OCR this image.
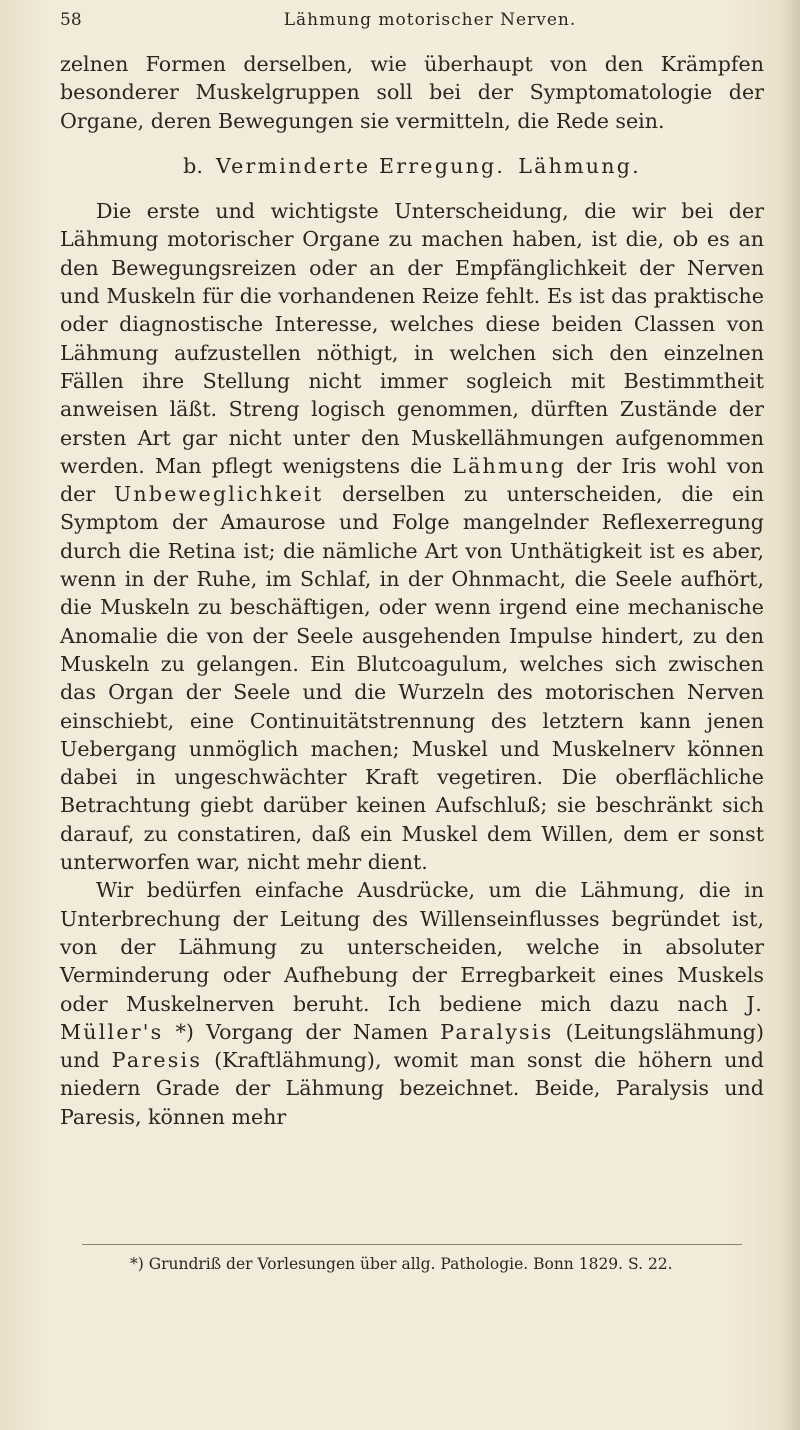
58	Lähmung motorischer Nerven.

zelnen Formen derselben, wie überhaupt von den Krämpfen besonderer Muskelgruppen soll bei der Symptomatologie der Organe, deren Bewegungen sie vermitteln, die Rede sein.

b. Verminderte Erregung. Lähmung.

Die erste und wichtigste Unterscheidung, die wir bei der Lähmung motorischer Organe zu machen haben, ist die, ob es an den Bewegungsreizen oder an der Empfänglichkeit der Nerven und Muskeln für die vorhandenen Reize fehlt. Es ist das praktische oder diagnostische Interesse, welches diese beiden Classen von Lähmung aufzustellen nöthigt, in welchen sich den einzelnen Fällen ihre Stellung nicht immer sogleich mit Bestimmtheit anweisen läßt. Streng logisch genommen, dürften Zustände der ersten Art gar nicht unter den Muskellähmungen aufgenommen werden. Man pflegt wenigstens die Lähmung der Iris wohl von der Unbeweglichkeit derselben zu unterscheiden, die ein Symptom der Amaurose und Folge mangelnder Reflexerregung durch die Retina ist; die nämliche Art von Unthätigkeit ist es aber, wenn in der Ruhe, im Schlaf, in der Ohnmacht, die Seele aufhört, die Muskeln zu beschäftigen, oder wenn irgend eine mechanische Anomalie die von der Seele ausgehenden Impulse hindert, zu den Muskeln zu gelangen. Ein Blutcoagulum, welches sich zwischen das Organ der Seele und die Wurzeln des motorischen Nerven einschiebt, eine Continuitätstrennung des letztern kann jenen Uebergang unmöglich machen; Muskel und Muskelnerv können dabei in ungeschwächter Kraft vegetiren. Die oberflächliche Betrachtung giebt darüber keinen Aufschluß; sie beschränkt sich darauf, zu constatiren, daß ein Muskel dem Willen, dem er sonst unterworfen war, nicht mehr dient.

Wir bedürfen einfache Ausdrücke, um die Lähmung, die in Unterbrechung der Leitung des Willenseinflusses begründet ist, von der Lähmung zu unterscheiden, welche in absoluter Verminderung oder Aufhebung der Erregbarkeit eines Muskels oder Muskelnerven beruht. Ich bediene mich dazu nach J. Müller's *) Vorgang der Namen Paralysis (Leitungslähmung) und Paresis (Kraftlähmung), womit man sonst die höhern und niedern Grade der Lähmung bezeichnet. Beide, Paralysis und Paresis, können mehr

*) Grundriß der Vorlesungen über allg. Pathologie. Bonn 1829. S. 22.
